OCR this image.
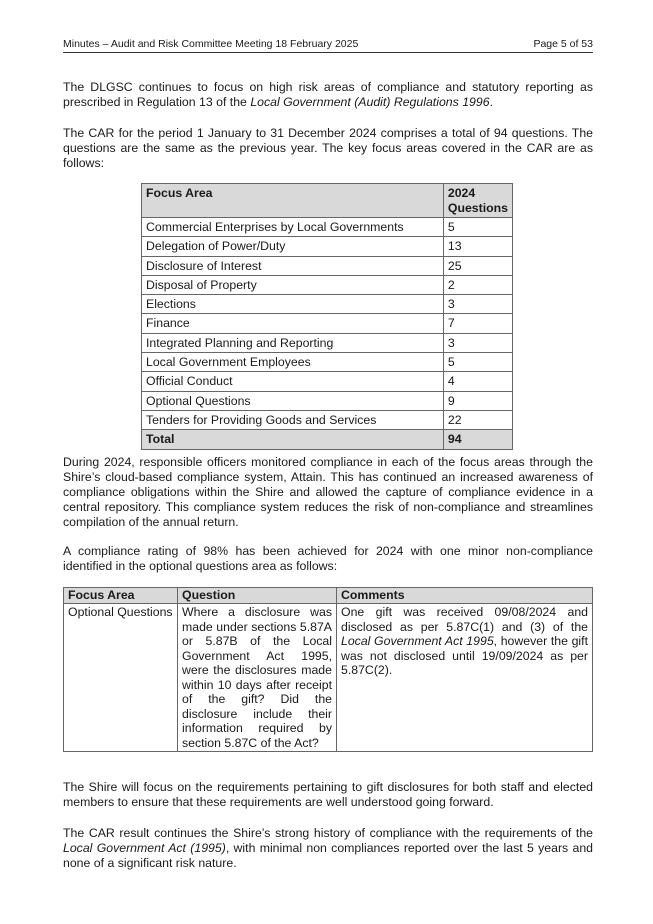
Minutes – Audit and Risk Committee Meeting 18 February 2025	Page 5 of 53

The DLGSC continues to focus on high risk areas of compliance and statutory reporting as prescribed in Regulation 13 of the Local Government (Audit) Regulations 1996.

The CAR for the period 1 January to 31 December 2024 comprises a total of 94 questions. The questions are the same as the previous year. The key focus areas covered in the CAR are as follows:

Focus Area	2024 Questions
Commercial Enterprises by Local Governments	5
Delegation of Power/Duty	13
Disclosure of Interest	25
Disposal of Property	2
Elections	3
Finance	7
Integrated Planning and Reporting	3
Local Government Employees	5
Official Conduct	4
Optional Questions	9
Tenders for Providing Goods and Services	22
Total	94

During 2024, responsible officers monitored compliance in each of the focus areas through the Shire’s cloud-based compliance system, Attain. This has continued an increased awareness of compliance obligations within the Shire and allowed the capture of compliance evidence in a central repository. This compliance system reduces the risk of non-compliance and streamlines compilation of the annual return.

A compliance rating of 98% has been achieved for 2024 with one minor non-compliance identified in the optional questions area as follows:

Focus Area	Question	Comments
Optional Questions	Where a disclosure was made under sections 5.87A or 5.87B of the Local Government Act 1995, were the disclosures made within 10 days after receipt of the gift? Did the disclosure include their information required by section 5.87C of the Act?	One gift was received 09/08/2024 and disclosed as per 5.87C(1) and (3) of the Local Government Act 1995, however the gift was not disclosed until 19/09/2024 as per 5.87C(2).

The Shire will focus on the requirements pertaining to gift disclosures for both staff and elected members to ensure that these requirements are well understood going forward.

The CAR result continues the Shire’s strong history of compliance with the requirements of the Local Government Act (1995), with minimal non compliances reported over the last 5 years and none of a significant risk nature.
